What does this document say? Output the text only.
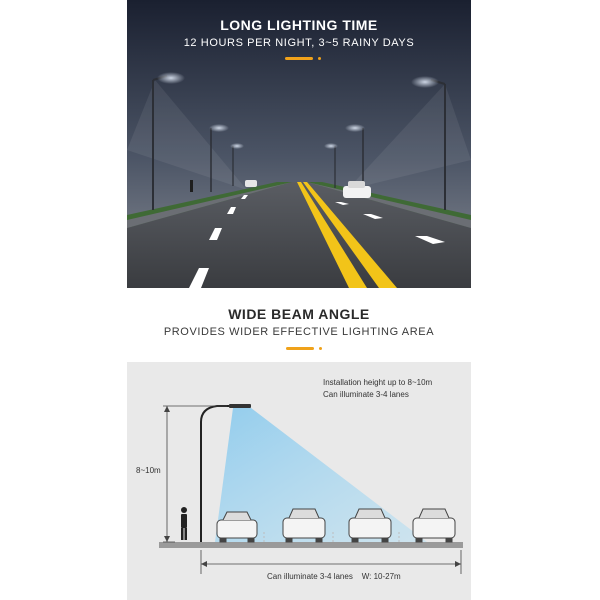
LONG LIGHTING TIME
12 HOURS PER NIGHT, 3~5 RAINY DAYS
WIDE BEAM ANGLE
PROVIDES WIDER EFFECTIVE LIGHTING AREA
Installation height up to 8~10m
Can illuminate 3-4 lanes
8~10m
Can illuminate 3-4 lanes    W: 10-27m
